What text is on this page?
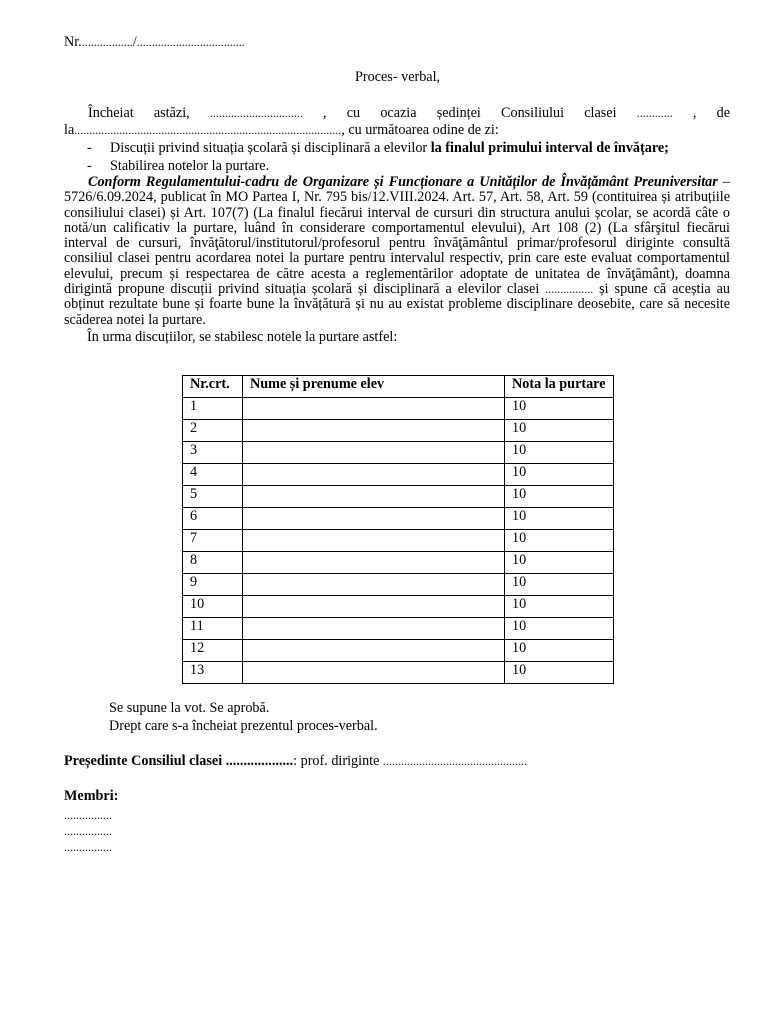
Nr................../....................................
Proces- verbal,
Încheiat astăzi, ............................... , cu ocazia ședinței Consiliului clasei ............ , de la........................................................................................., cu următoarea odine de zi:
- Discuții privind situația școlară și disciplinară a elevilor la finalul primului interval de învățare;
- Stabilirea notelor la purtare.
Conform Regulamentului-cadru de Organizare și Funcționare a Unităților de Învățământ Preuniversitar – 5726/6.09.2024, publicat în MO Partea I, Nr. 795 bis/12.VIII.2024. Art. 57, Art. 58, Art. 59 (contituirea și atribuțiile consiliului clasei) și Art. 107(7) (La finalul fiecărui interval de cursuri din structura anului școlar, se acordă câte o notă/un calificativ la purtare, luând în considerare comportamentul elevului), Art 108 (2) (La sfârşitul fiecărui interval de cursuri, învăţătorul/institutorul/profesorul pentru învăţământul primar/profesorul diriginte consultă consiliul clasei pentru acordarea notei la purtare pentru intervalul respectiv, prin care este evaluat comportamentul elevului, precum și respectarea de către acesta a reglementărilor adoptate de unitatea de învăţământ), doamna dirigintă propune discuții privind situația școlară și disciplinară a elevilor clasei ................ și spune că aceștia au obținut rezultate bune și foarte bune la învățătură și nu au existat probleme disciplinare deosebite, care să necesite scăderea notei la purtare.
În urma discuțiilor, se stabilesc notele la purtare astfel:
Nr.crt.	Nume și prenume elev	Nota la purtare
1		10
2		10
3		10
4		10
5		10
6		10
7		10
8		10
9		10
10		10
11		10
12		10
13		10
Se supune la vot. Se aprobă.
Drept care s-a încheiat prezentul proces-verbal.
Președinte Consiliul clasei ...................: prof. diriginte ................................................
Membri:
................
................
................
